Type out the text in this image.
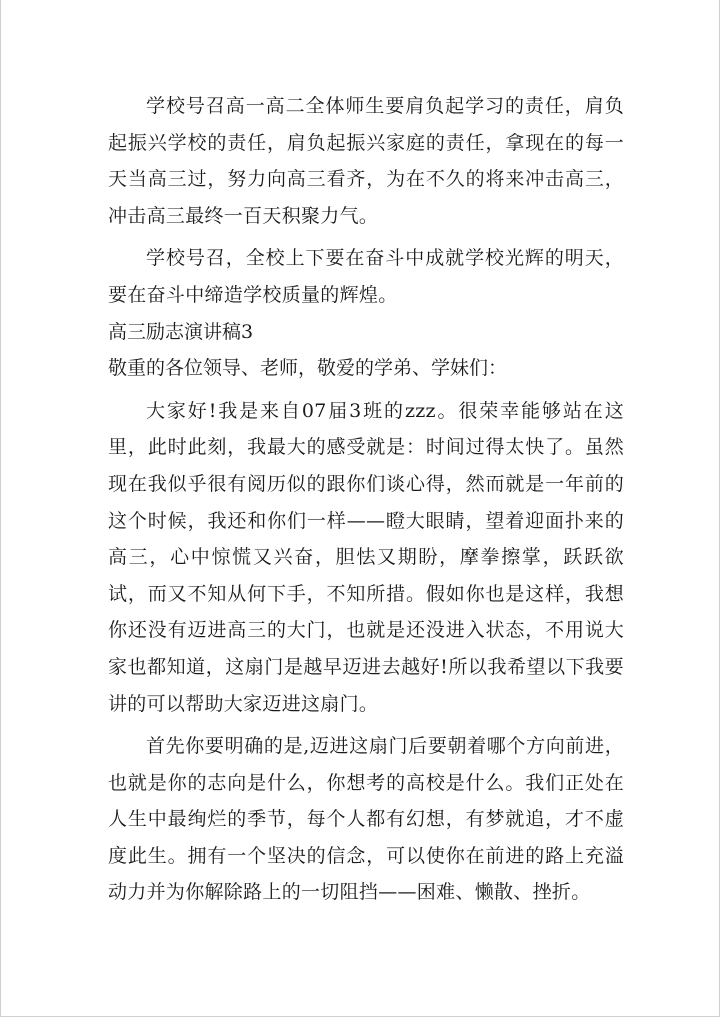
学校号召高一高二全体师生要肩负起学习的责任，肩负起振兴学校的责任，肩负起振兴家庭的责任，拿现在的每一天当高三过，努力向高三看齐，为在不久的将来冲击高三，冲击高三最终一百天积聚力气。

学校号召，全校上下要在奋斗中成就学校光辉的明天，要在奋斗中缔造学校质量的辉煌。

高三励志演讲稿3

敬重的各位领导、老师，敬爱的学弟、学妹们：

大家好!我是来自07届3班的zzz。很荣幸能够站在这里，此时此刻，我最大的感受就是：时间过得太快了。虽然现在我似乎很有阅历似的跟你们谈心得，然而就是一年前的这个时候，我还和你们一样——瞪大眼睛，望着迎面扑来的高三，心中惊慌又兴奋，胆怯又期盼，摩拳擦掌，跃跃欲试，而又不知从何下手，不知所措。假如你也是这样，我想你还没有迈进高三的大门，也就是还没进入状态，不用说大家也都知道，这扇门是越早迈进去越好!所以我希望以下我要讲的可以帮助大家迈进这扇门。

首先你要明确的是,迈进这扇门后要朝着哪个方向前进，也就是你的志向是什么，你想考的高校是什么。我们正处在人生中最绚烂的季节，每个人都有幻想，有梦就追，才不虚度此生。拥有一个坚决的信念，可以使你在前进的路上充溢动力并为你解除路上的一切阻挡——困难、懒散、挫折。
